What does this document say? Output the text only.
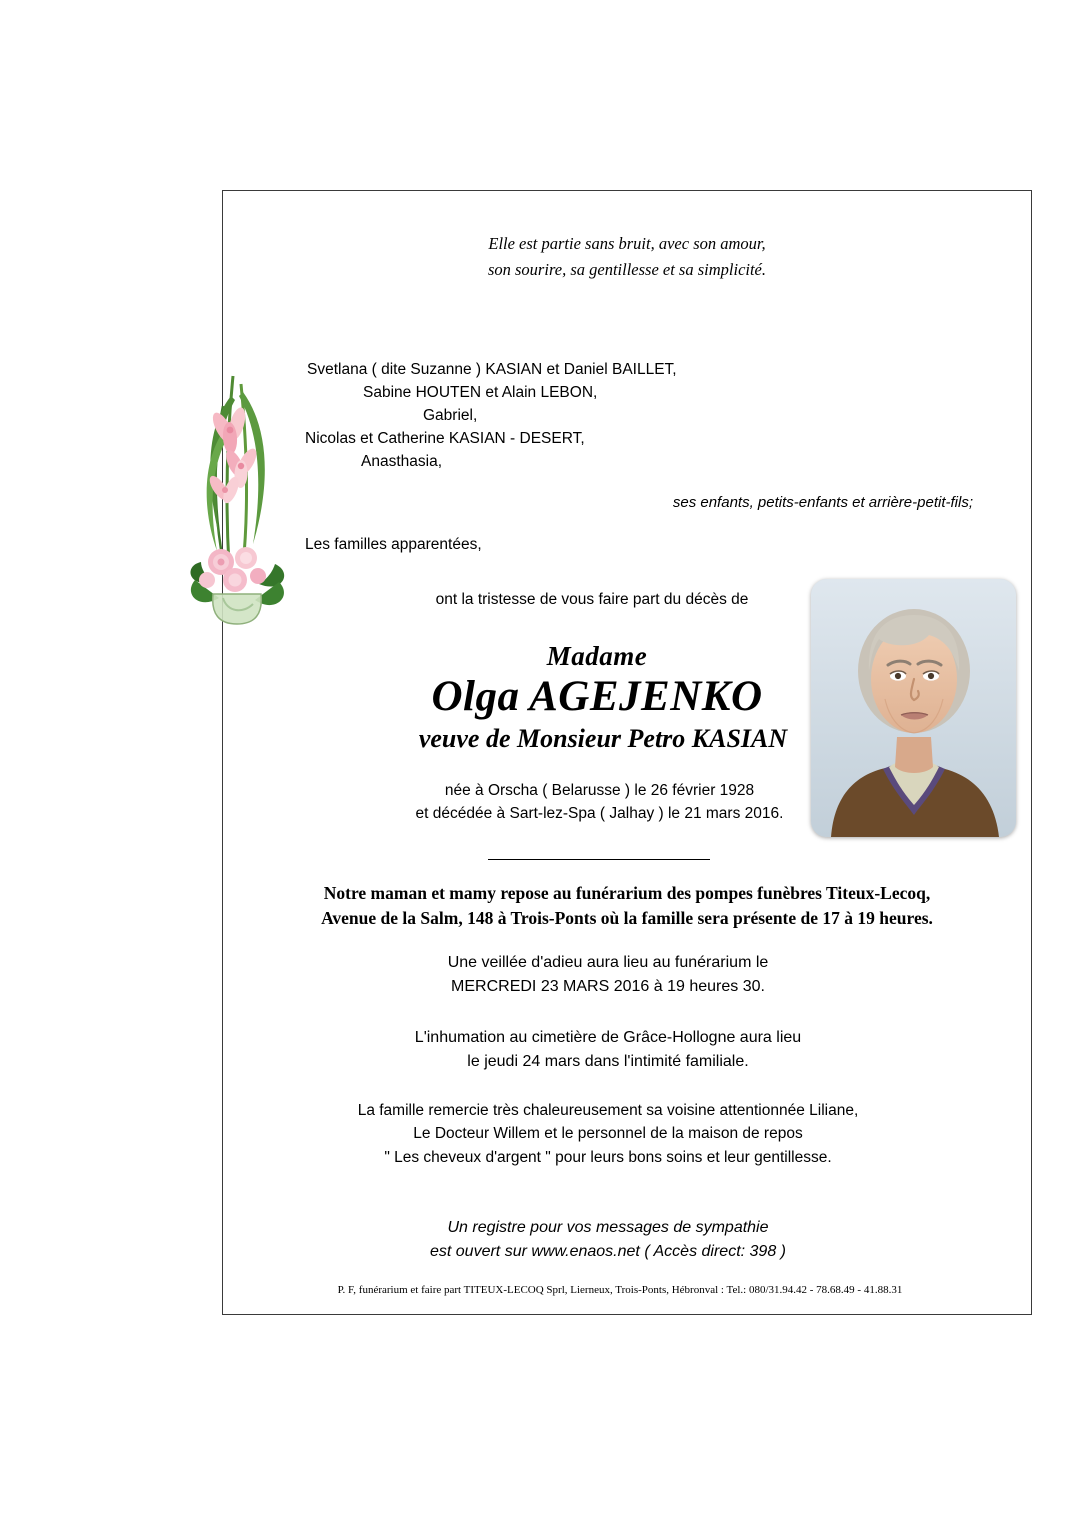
Elle est partie sans bruit, avec son amour,
son sourire, sa gentillesse et sa simplicité.
Svetlana ( dite Suzanne ) KASIAN et Daniel BAILLET,
Sabine HOUTEN et Alain LEBON,
Gabriel,
Nicolas et Catherine KASIAN - DESERT,
Anasthasia,
ses enfants, petits-enfants et arrière-petit-fils;
Les familles apparentées,
ont la tristesse de vous faire part du décès de
Madame
Olga AGEJENKO
veuve de Monsieur Petro KASIAN
née à Orscha ( Belarusse ) le 26 février 1928
et décédée à Sart-lez-Spa ( Jalhay ) le 21 mars 2016.
Notre maman et mamy repose au funérarium des pompes funèbres Titeux-Lecoq,
Avenue de la Salm, 148 à Trois-Ponts où la famille sera présente de 17 à 19 heures.
Une veillée d'adieu aura lieu au funérarium le
MERCREDI 23 MARS 2016 à 19 heures 30.
L'inhumation au cimetière de Grâce-Hollogne aura lieu
le jeudi 24 mars dans l'intimité familiale.
La famille remercie très chaleureusement sa voisine attentionnée Liliane,
Le Docteur Willem et le personnel de la maison de repos
" Les cheveux d'argent " pour leurs bons soins et leur gentillesse.
Un registre pour vos messages de sympathie
est ouvert sur www.enaos.net ( Accès direct: 398 )
P. F, funérarium et faire part TITEUX-LECOQ Sprl, Lierneux, Trois-Ponts, Hébronval : Tel.: 080/31.94.42 - 78.68.49 - 41.88.31
